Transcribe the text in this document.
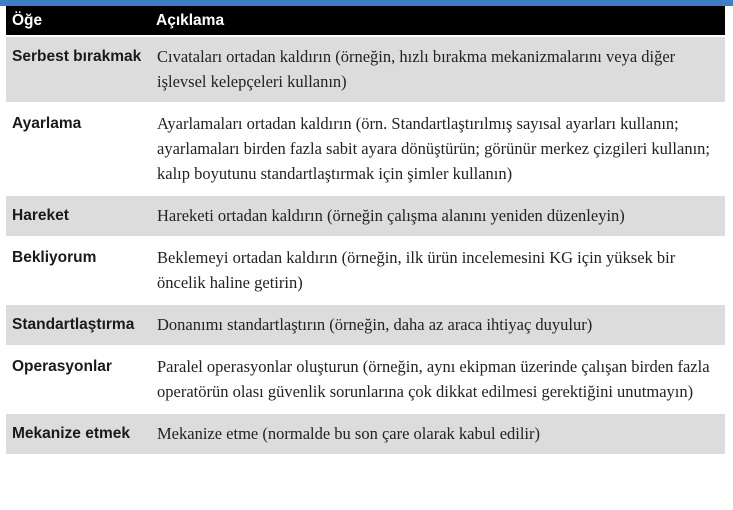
Öğe	Açıklama
Serbest bırakmak	Cıvataları ortadan kaldırın (örneğin, hızlı bırakma mekanizmalarını veya diğer işlevsel kelepçeleri kullanın)
Ayarlama	Ayarlamaları ortadan kaldırın (örn. Standartlaştırılmış sayısal ayarları kullanın; ayarlamaları birden fazla sabit ayara dönüştürün; görünür merkez çizgileri kullanın; kalıp boyutunu standartlaştırmak için şimler kullanın)
Hareket	Hareketi ortadan kaldırın (örneğin çalışma alanını yeniden düzenleyin)
Bekliyorum	Beklemeyi ortadan kaldırın (örneğin, ilk ürün incelemesini KG için yüksek bir öncelik haline getirin)
Standartlaştırma	Donanımı standartlaştırın (örneğin, daha az araca ihtiyaç duyulur)
Operasyonlar	Paralel operasyonlar oluşturun (örneğin, aynı ekipman üzerinde çalışan birden fazla operatörün olası güvenlik sorunlarına çok dikkat edilmesi gerektiğini unutmayın)
Mekanize etmek	Mekanize etme (normalde bu son çare olarak kabul edilir)
